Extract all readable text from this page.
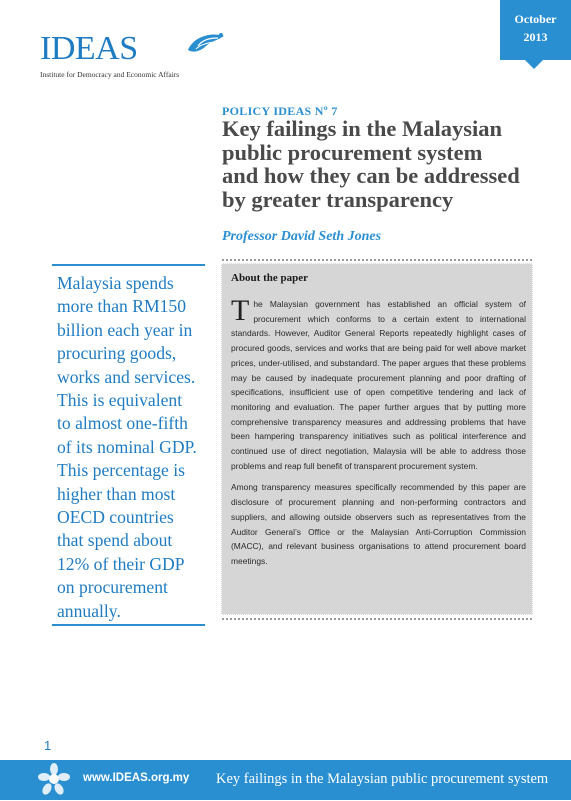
October
2013
IDEAS
Institute for Democracy and Economic Affairs
POLICY IDEAS Nº 7
Key failings in the Malaysian
public procurement system
and how they can be addressed
by greater transparency
Professor David Seth Jones
Malaysia spends
more than RM150
billion each year in
procuring goods,
works and services.
This is equivalent
to almost one-fifth
of its nominal GDP.
This percentage is
higher than most
OECD countries
that spend about
12% of their GDP
on procurement
annually.
About the paper

The Malaysian government has established an official system of procurement which conforms to a certain extent to international standards. However, Auditor General Reports repeatedly highlight cases of procured goods, services and works that are being paid for well above market prices, under-utilised, and substandard. The paper argues that these problems may be caused by inadequate procurement planning and poor drafting of specifications, insufficient use of open competitive tendering and lack of monitoring and evaluation. The paper further argues that by putting more comprehensive transparency measures and addressing problems that have been hampering transparency initiatives such as political interference and continued use of direct negotiation, Malaysia will be able to address those problems and reap full benefit of transparent procurement system.

Among transparency measures specifically recommended by this paper are disclosure of procurement planning and non-performing contractors and suppliers, and allowing outside observers such as representatives from the Auditor General’s Office or the Malaysian Anti-Corruption Commission (MACC), and relevant business organisations to attend procurement board meetings.

1
www.IDEAS.org.my Key failings in the Malaysian public procurement system
